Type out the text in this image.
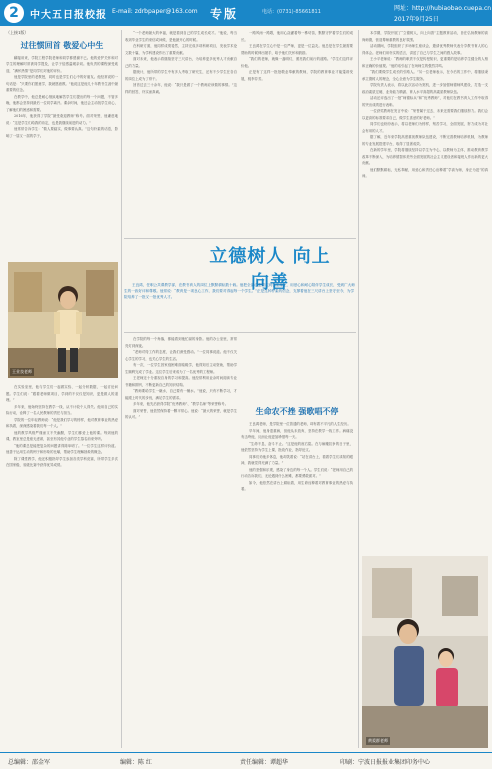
2	中大五日报校报 E-mail: zdrbpaper@163.com 专版	电话：(0731)-85661811	网址：http://hubiaobao.cuepa.cn
2017年9月25日
（上接1版）
过往惯回首 敬爱心中生

翻接用来，学院工程学院老师和同学都感谢不已。他的爱护关怀和对学生的理解时常被同学提及，让学子倍感温暖亲切。他负责的课程深受欢迎，“满怀热情”是同学们对他的评价。

他是学院里的老教授，同时也是学生们心中的好朋友。他经常说的一句话是：“只要你们愿意学，我就愿意教。”他说这是他几十年教书生涯中最重要的信念。

在教学中，他总是耐心细致地解答学生们提出的每一个问题，不管多晚，他都会坚持到最后一位同学离开。课余时间，他还会主动找学生谈心，了解他们的困惑和需要。

2016年，他获得了学院“最受欢迎教师”称号。面对荣誉，他谦虚地说：“这是学生们给我的肯定，也是我继续前进的动力。”

他常常告诉学生：“做人要踏实，做事要认真。”这句朴素的话语，影响了一届又一届的学子。

王业良老师

在实验室里，他与学生们一起做实验、一起分析数据，一起讨论问题。学生们说：“跟着老师做项目，学到的不仅仅是知识，更是做人的道理。”

多年来，他始终坚持在教学一线，从不计较个人得失。他用自己的实际行动，诠释了一名人民教师的责任与担当。

学院的一位年轻教师说：“他是我们学习的榜样，他对教育事业的热爱和执着，深深感染着我们每一个人。”

他的教学风格严谨而又不失幽默，学生们都爱上他的课。每到他的课，教室里总是座无虚席，甚至有其他专业的学生慕名前来旁听。

“他的课总是能把复杂的问题讲得简单明了。”一位学生这样评价道。他善于运用生动的例子和形象的比喻，帮助学生理解抽象的概念。

除了课堂教学，他还积极指导学生参加各类学科竞赛，所带学生多次在国家级、省级比赛中获得优异成绩。

“一个老师最大的幸福，就是看到自己的学生成长成才。”他说，每当收到毕业学生的来信或问候，是他最开心的时候。

在科研方面，他同样成绩斐然，主持完成多项科研项目，发表学术论文数十篇，为学科建设作出了重要贡献。

面对未来，他表示将继续坚守三尺讲台，为培养更多优秀人才贡献自己的力量。

据统计，他所带的学生中有多人考取了研究生，还有不少学生在各自的岗位上成为了骨干。

回首过去三十余年，他说：“我只是做了一个教师应该做的事情。”这样的回答，朴实而真诚。

一路风雨一路歌，他用心浇灌着每一株幼苗，默默守护着学生们的成长。

王良鸿在学生心中是一位严师，更是一位益友。他总是在学生最需要帮助的时候伸出援手，给予他们关怀和鼓励。

“我们的老师，就像一盏明灯，照亮我们前行的道路。”学生们这样评价他。

正是有了这样一批批敬业奉献的教师，学院的教育事业才能蓬勃发展，桃李芬芳。

本学期，学院开展了“立德树人，向上向善”主题教育活动，旨在弘扬教师的高尚师德，营造尊师重教的良好氛围。

活动期间，学院组织了多场师生座谈会，邀请优秀教师代表分享教书育人的心得体会。老师们用朴实的语言，讲述了自己与学生之间的感人故事。

王小平老师说：“教师的职责不仅是传授知识，更重要的是培养学生健全的人格和正确的价值观。”他的话引起了在场师生的强烈共鸣。

“我们要做学生成长的引路人。”另一位老师表示，在今后的工作中，将继续秉承立德树人的理念，全心全意为学生服务。

学院负责人表示，将以此次活动为契机，进一步加强师德师风建设，打造一支政治素质过硬、业务能力精湛、育人水平高超的高素质教师队伍。

活动还评选出了一批“师德标兵”和“优秀教师”，对他们在教书育人工作中取得的突出成绩进行表彰。

一位获奖教师在发言中说：“荣誉属于过去，未来还需要我们继续努力。我们会以更高的标准要求自己，做学生喜爱的好老师。”

同学们也纷纷表示，将以老师们为榜样，刻苦学习，全面发展，努力成为对社会有用的人才。

据了解，近年来学院高度重视教师队伍建设，不断完善教师培养机制，为教师的专业发展搭建平台，取得了显著成效。

在新的学年里，学院将继续坚持以学生为中心，以教师为主体，推动教育教学改革不断深入，为培养德智体美劳全面发展的社会主义建设者和接班人作出新的更大贡献。

他们默默耕耘，无私奉献，用爱心和责任心诠释着“学高为师，身正为范”的真谛。

立德树人 向上向善

王良鸿，任职公共课教学部，在教书育人的岗位上默默耕耘数十载。他把全部心血倾注到学生身上，用爱心和耐心陪伴学生成长，受到广大师生的一致好评和尊敬。他常说：“教育是一项良心工作，我们要对得起每一个学生。”正是这种朴素的信念，支撑着他在三尺讲台上坚守至今，为学院培养了一批又一批优秀人才。

在学院的每一个角落，都能看到他忙碌的身影。他的办公室里，常常亮灯到深夜。

“老师对待工作的态度，让我们深受感动。”一位同事说道。他不仅关心学生的学习，也关心学生的生活。

有一次，一位学生因家庭困难面临辍学，他得知后主动资助，帮助学生顺利完成了学业。这位学生后来成为了一名优秀的工程师。

王老师还十分重视自身的学习和提高。他经常利用业余时间阅读专业书籍和期刊，不断更新自己的知识结构。

“教师要给学生一碗水，自己要有一桶水。”他说，只有不断学习，才能跟上时代的步伐，满足学生的需求。

多年来，他先后获得学院“优秀教师”、“教学名师”等荣誉称号。

面对荣誉，他依然保持着一颗平常心。他说：“最大的荣誉，就是学生的认可。”

生命农不挫 强歌唱不停

王良鸿老师，是学院里一位普通的老师，却有着不平凡的人生经历。

早年间，他身患重病，但他从未放弃，坚持在教学一线工作。病痛没有击垮他，反而让他更加珍惜每一天。

“生命不息，奋斗不止。”这是他的座右铭。在与病魔抗争的日子里，他依然坚持为学生上课，批改作业，指导论文。

同事们劝他多休息，他却笑着说：“站在讲台上，看着学生们求知的眼神，我就觉得充满了力量。”

他的坚强和乐观，感染了身边的每一个人。学生们说：“老师用自己的行动告诉我们，无论遇到什么困难，都要勇敢面对。”

如今，他依然在讲台上耕耘着，用生命诠释着对教育事业的热爱与执着。

黄爱群老师
总编辑：邵金军	编辑：陈 红	责任编辑：谭超华	印刷：宁波日报报业集团印务中心
